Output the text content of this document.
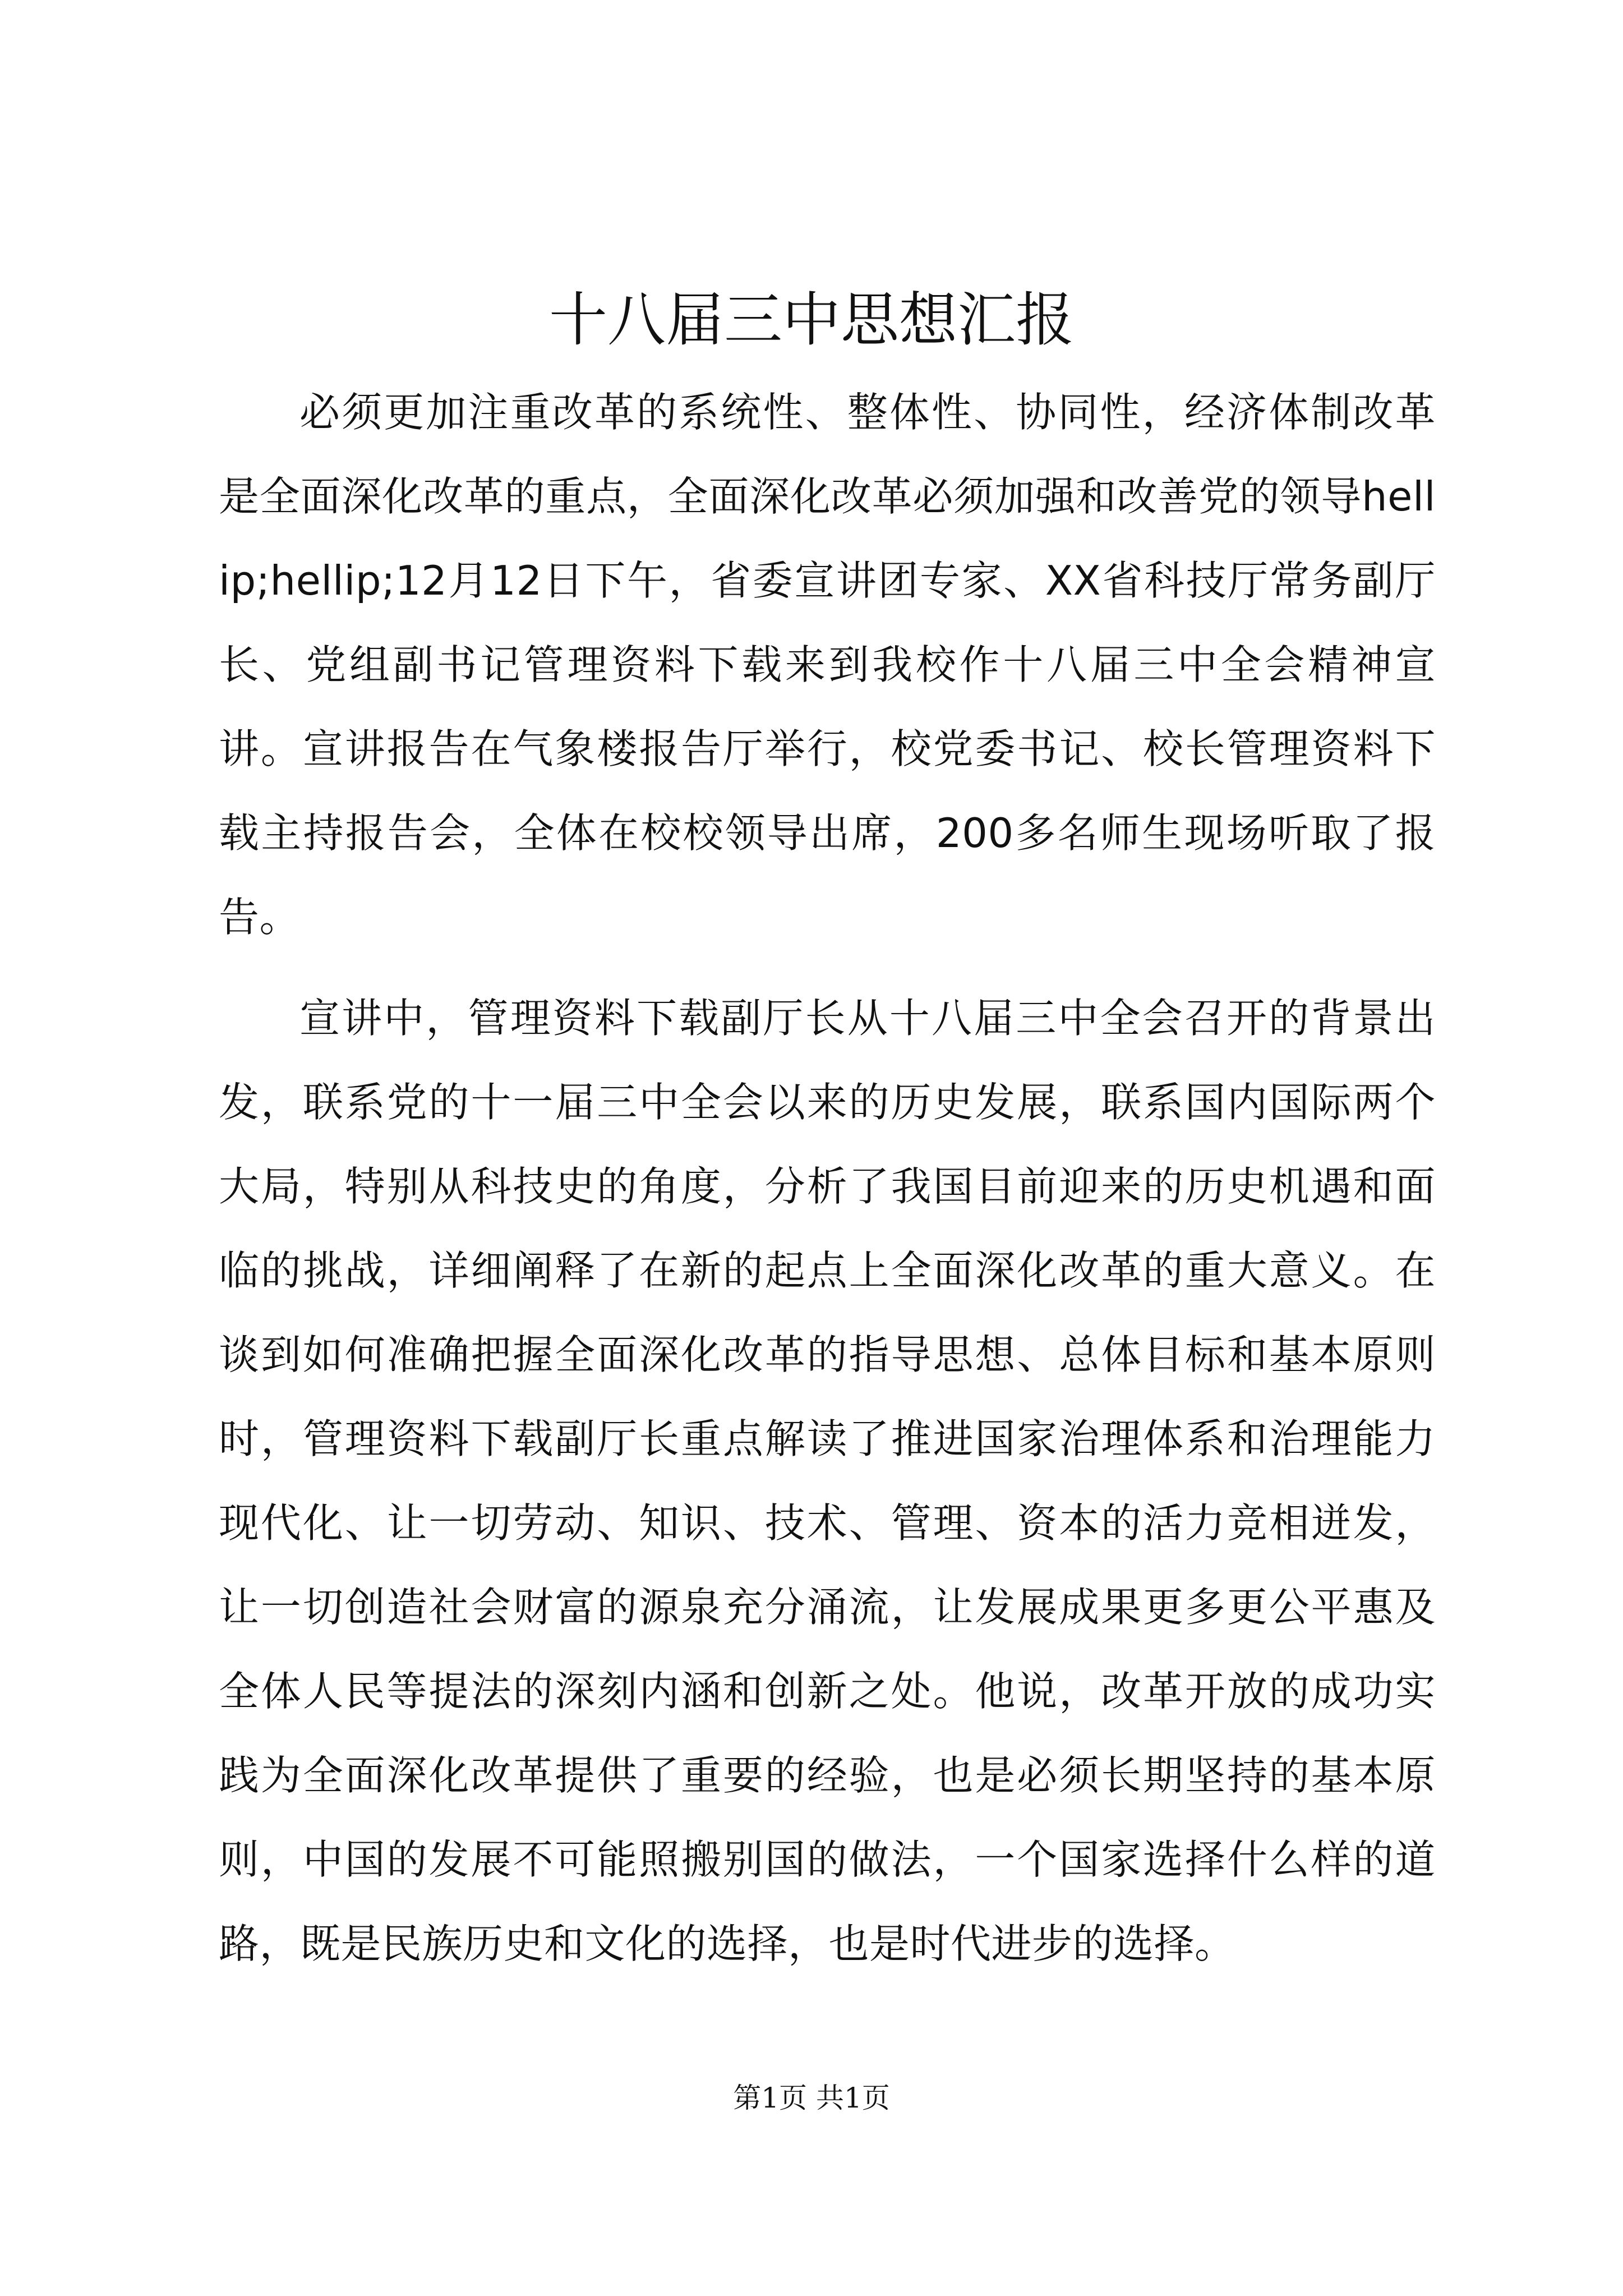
十八届三中思想汇报

必须更加注重改革的系统性、整体性、协同性，经济体制改革是全面深化改革的重点，全面深化改革必须加强和改善党的领导hellip;hellip;12月12日下午，省委宣讲团专家、XX省科技厅常务副厅长、党组副书记管理资料下载来到我校作十八届三中全会精神宣讲。宣讲报告在气象楼报告厅举行，校党委书记、校长管理资料下载主持报告会，全体在校校领导出席，200多名师生现场听取了报告。

宣讲中，管理资料下载副厅长从十八届三中全会召开的背景出发，联系党的十一届三中全会以来的历史发展，联系国内国际两个大局，特别从科技史的角度，分析了我国目前迎来的历史机遇和面临的挑战，详细阐释了在新的起点上全面深化改革的重大意义。在谈到如何准确把握全面深化改革的指导思想、总体目标和基本原则时，管理资料下载副厅长重点解读了推进国家治理体系和治理能力现代化、让一切劳动、知识、技术、管理、资本的活力竞相迸发，让一切创造社会财富的源泉充分涌流，让发展成果更多更公平惠及全体人民等提法的深刻内涵和创新之处。他说，改革开放的成功实践为全面深化改革提供了重要的经验，也是必须长期坚持的基本原则，中国的发展不可能照搬别国的做法，一个国家选择什么样的道路，既是民族历史和文化的选择，也是时代进步的选择。

第1页 共1页
